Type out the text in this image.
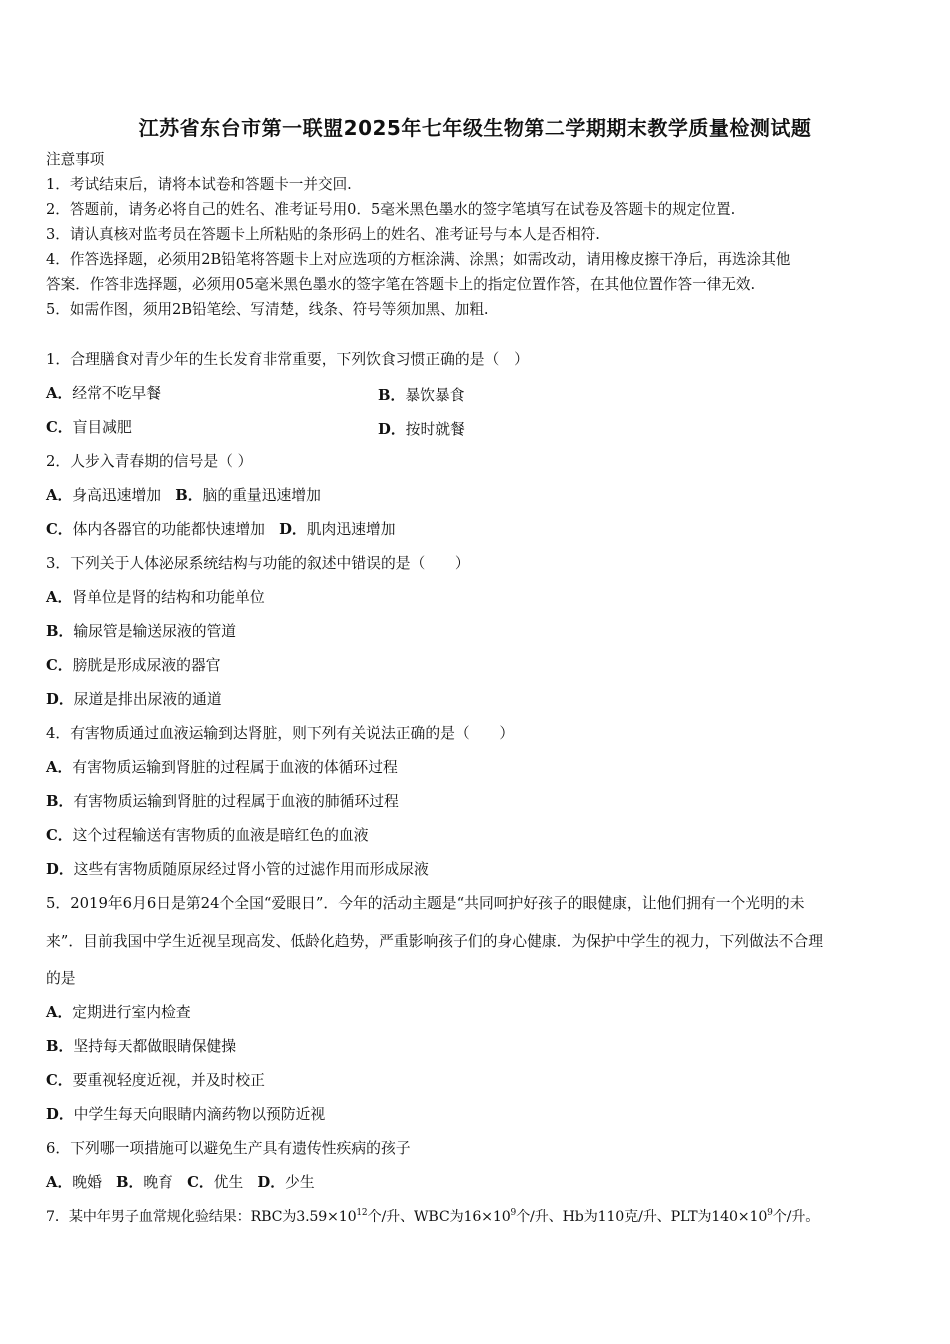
江苏省东台市第一联盟2025年七年级生物第二学期期末教学质量检测试题
注意事项
1．考试结束后，请将本试卷和答题卡一并交回.
2．答题前，请务必将自己的姓名、准考证号用0．5毫米黑色墨水的签字笔填写在试卷及答题卡的规定位置.
3．请认真核对监考员在答题卡上所粘贴的条形码上的姓名、准考证号与本人是否相符.
4．作答选择题，必须用2B铅笔将答题卡上对应选项的方框涂满、涂黑；如需改动，请用橡皮擦干净后，再选涂其他
答案．作答非选择题，必须用05毫米黑色墨水的签字笔在答题卡上的指定位置作答，在其他位置作答一律无效.
5．如需作图，须用2B铅笔绘、写清楚，线条、符号等须加黑、加粗.
1．合理膳食对青少年的生长发育非常重要，下列饮食习惯正确的是（　）
A．经常不吃早餐	B．暴饮暴食
C．盲目减肥	D．按时就餐
2．人步入青春期的信号是（ ）
A．身高迅速增加 B．脑的重量迅速增加
C．体内各器官的功能都快速增加 D．肌肉迅速增加
3．下列关于人体泌尿系统结构与功能的叙述中错误的是（　　）
A．肾单位是肾的结构和功能单位
B．输尿管是输送尿液的管道
C．膀胱是形成尿液的器官
D．尿道是排出尿液的通道
4．有害物质通过血液运输到达肾脏，则下列有关说法正确的是（　　）
A．有害物质运输到肾脏的过程属于血液的体循环过程
B．有害物质运输到肾脏的过程属于血液的肺循环过程
C．这个过程输送有害物质的血液是暗红色的血液
D．这些有害物质随原尿经过肾小管的过滤作用而形成尿液
5．2019年6月6日是第24个全国“爱眼日”．今年的活动主题是“共同呵护好孩子的眼健康，让他们拥有一个光明的未
来”．目前我国中学生近视呈现高发、低龄化趋势，严重影响孩子们的身心健康．为保护中学生的视力，下列做法不合理
的是
A．定期进行室内检查
B．坚持每天都做眼睛保健操
C．要重视轻度近视，并及时校正
D．中学生每天向眼睛内滴药物以预防近视
6．下列哪一项措施可以避免生产具有遗传性疾病的孩子
A．晚婚 B．晚育 C．优生 D．少生
7．某中年男子血常规化验结果：RBC为$3.59\times 10^{12}$个/升、WBC为$16\times 10^9$个/升、Hb为110克/升、PLT为$140\times 10^9$个/升。
